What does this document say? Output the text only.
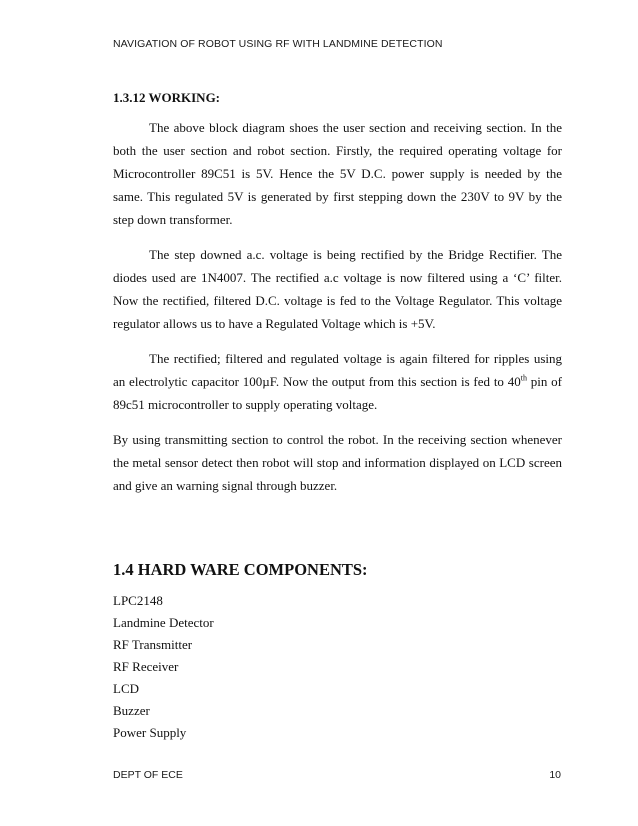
NAVIGATION OF ROBOT USING RF WITH LANDMINE DETECTION
1.3.12 WORKING:

The above block diagram shoes the user section and receiving section. In the both the user section and robot section. Firstly, the required operating voltage for Microcontroller 89C51 is 5V. Hence the 5V D.C. power supply is needed by the same. This regulated 5V is generated by first stepping down the 230V to 9V by the step down transformer.

The step downed a.c. voltage is being rectified by the Bridge Rectifier. The diodes used are 1N4007. The rectified a.c voltage is now filtered using a ‘C’ filter. Now the rectified, filtered D.C. voltage is fed to the Voltage Regulator. This voltage regulator allows us to have a Regulated Voltage which is +5V.

The rectified; filtered and regulated voltage is again filtered for ripples using an electrolytic capacitor 100µF. Now the output from this section is fed to 40th pin of 89c51 microcontroller to supply operating voltage.

By using transmitting section to control the robot. In the receiving section whenever the metal sensor detect then robot will stop and information displayed on LCD screen and give an warning signal through buzzer.

1.4 HARD WARE COMPONENTS:
LPC2148
Landmine Detector
RF Transmitter
RF Receiver
LCD
Buzzer
Power Supply
DEPT OF ECE	10
